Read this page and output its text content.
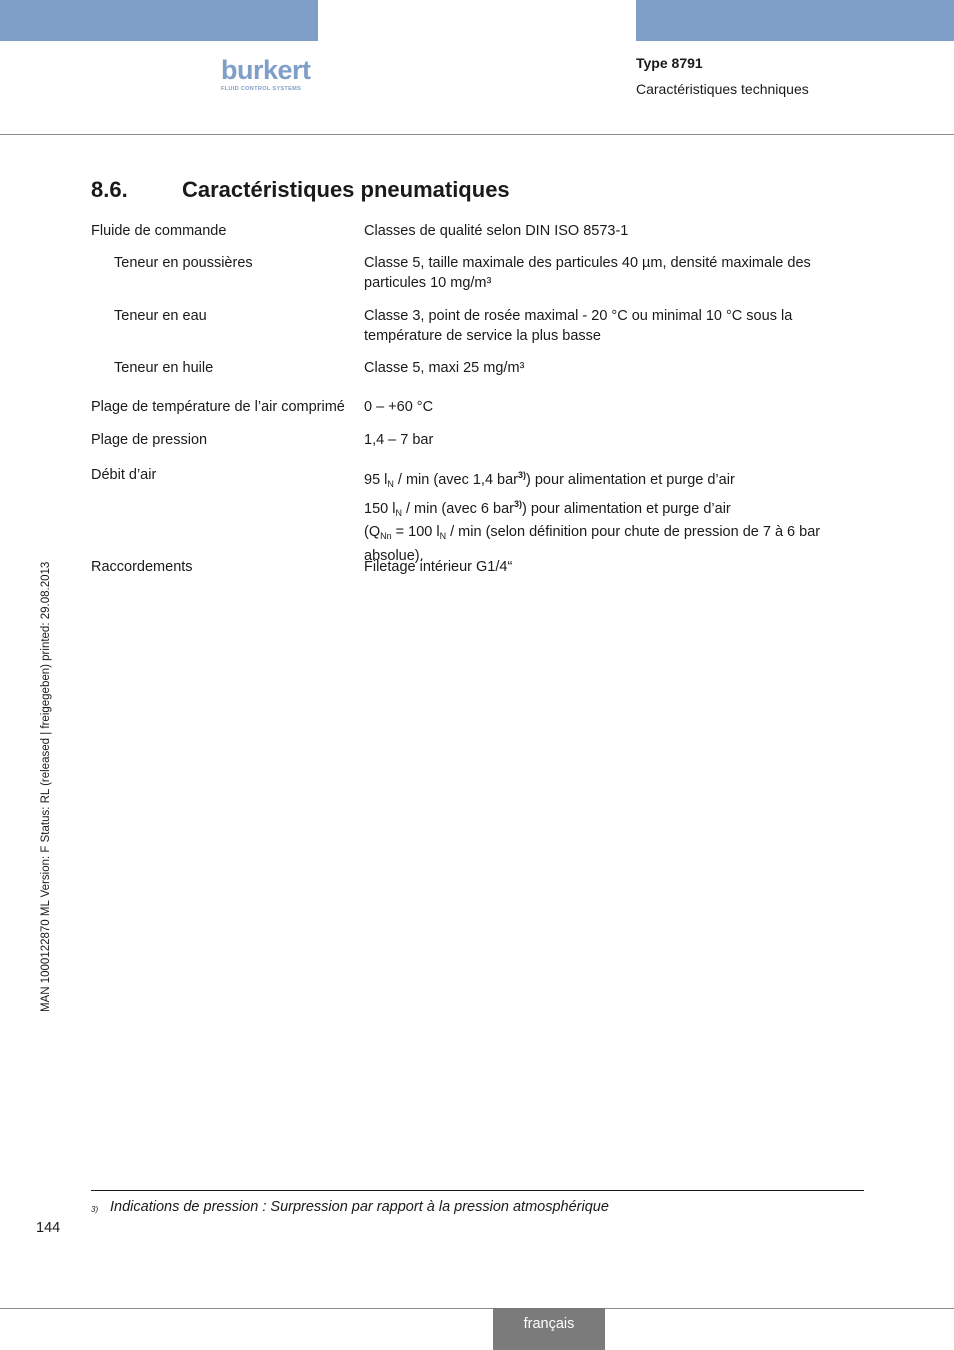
burkert
FLUID CONTROL SYSTEMS
Type 8791
Caractéristiques techniques
8.6. Caractéristiques pneumatiques
Fluide de commande	Classes de qualité selon DIN ISO 8573-1
Teneur en poussières	Classe 5, taille maximale des particules 40 µm, densité maximale des particules 10 mg/m³
Teneur en eau	Classe 3, point de rosée maximal - 20 °C ou minimal 10 °C sous la température de service la plus basse
Teneur en huile	Classe 5, maxi 25 mg/m³
Plage de température de l’air comprimé 0 – +60 °C
Plage de pression	1,4 – 7 bar
Débit d’air	95 $l_N$ / min (avec 1,4 bar$^{3)}$) pour alimentation et purge d’air
150 $l_N$ / min (avec 6 bar$^{3)}$) pour alimentation et purge d’air
($Q_{Nn} = 100$ $l_N$ / min (selon définition pour chute de pression de 7 à 6 bar absolue).
Raccordements	Filetage intérieur G1/4“
MAN 1000122870 ML Version: F Status: RL (released | freigegeben) printed: 29.08.2013
3) Indications de pression : Surpression par rapport à la pression atmosphérique
144
français
